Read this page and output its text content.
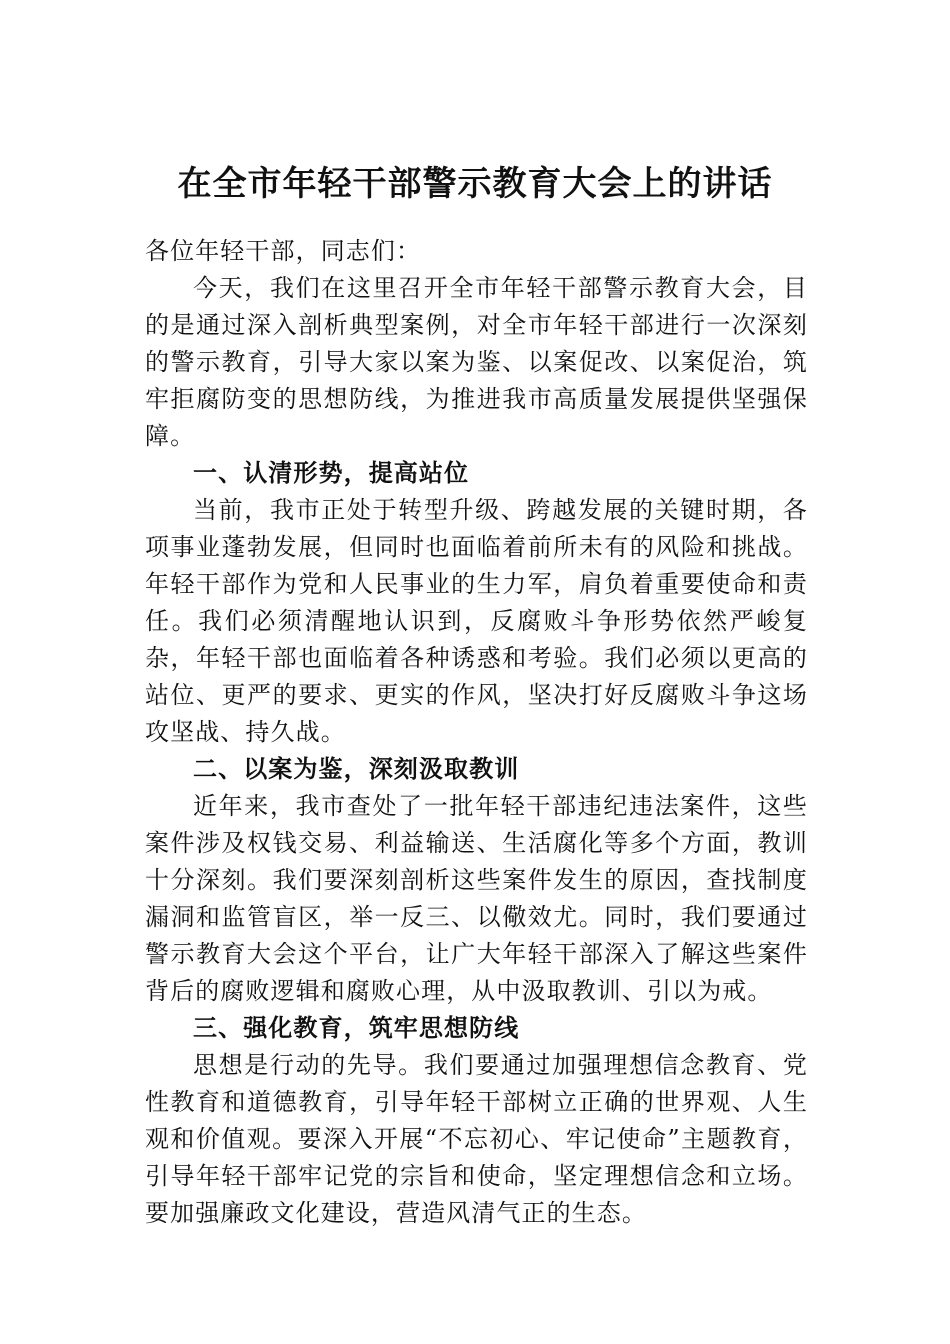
在全市年轻干部警示教育大会上的讲话

各位年轻干部，同志们：

今天，我们在这里召开全市年轻干部警示教育大会，目的是通过深入剖析典型案例，对全市年轻干部进行一次深刻的警示教育，引导大家以案为鉴、以案促改、以案促治，筑牢拒腐防变的思想防线，为推进我市高质量发展提供坚强保障。

一、认清形势，提高站位

当前，我市正处于转型升级、跨越发展的关键时期，各项事业蓬勃发展，但同时也面临着前所未有的风险和挑战。年轻干部作为党和人民事业的生力军，肩负着重要使命和责任。我们必须清醒地认识到，反腐败斗争形势依然严峻复杂，年轻干部也面临着各种诱惑和考验。我们必须以更高的站位、更严的要求、更实的作风，坚决打好反腐败斗争这场攻坚战、持久战。

二、以案为鉴，深刻汲取教训

近年来，我市查处了一批年轻干部违纪违法案件，这些案件涉及权钱交易、利益输送、生活腐化等多个方面，教训十分深刻。我们要深刻剖析这些案件发生的原因，查找制度漏洞和监管盲区，举一反三、以儆效尤。同时，我们要通过警示教育大会这个平台，让广大年轻干部深入了解这些案件背后的腐败逻辑和腐败心理，从中汲取教训、引以为戒。

三、强化教育，筑牢思想防线

思想是行动的先导。我们要通过加强理想信念教育、党性教育和道德教育，引导年轻干部树立正确的世界观、人生观和价值观。要深入开展“不忘初心、牢记使命”主题教育，引导年轻干部牢记党的宗旨和使命，坚定理想信念和立场。要加强廉政文化建设，营造风清气正的生态。
